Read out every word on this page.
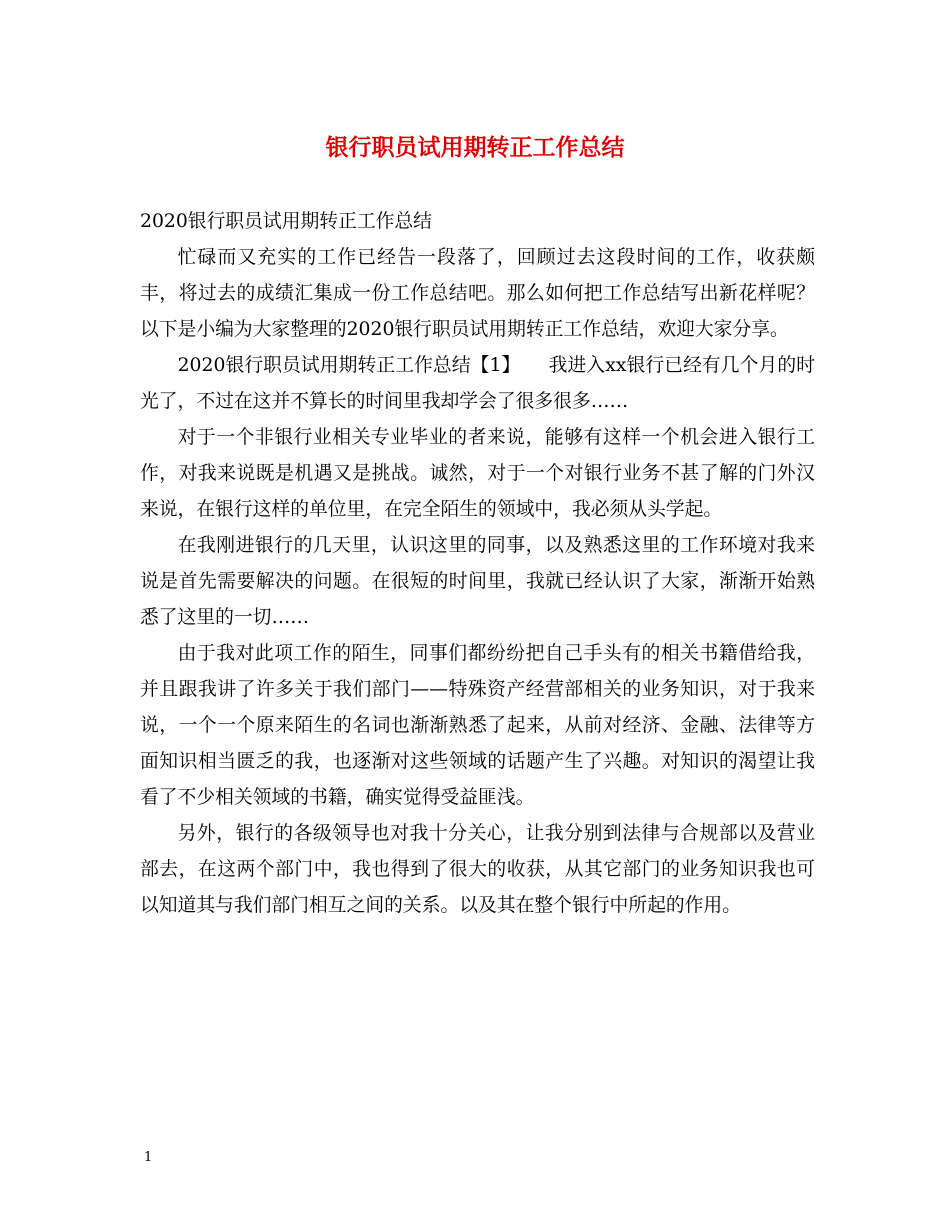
银行职员试用期转正工作总结

2020银行职员试用期转正工作总结

忙碌而又充实的工作已经告一段落了，回顾过去这段时间的工作，收获颇丰，将过去的成绩汇集成一份工作总结吧。那么如何把工作总结写出新花样呢？以下是小编为大家整理的2020银行职员试用期转正工作总结，欢迎大家分享。

2020银行职员试用期转正工作总结【1】　　我进入xx银行已经有几个月的时光了，不过在这并不算长的时间里我却学会了很多很多……

对于一个非银行业相关专业毕业的者来说，能够有这样一个机会进入银行工作，对我来说既是机遇又是挑战。诚然，对于一个对银行业务不甚了解的门外汉来说，在银行这样的单位里，在完全陌生的领域中，我必须从头学起。

在我刚进银行的几天里，认识这里的同事，以及熟悉这里的工作环境对我来说是首先需要解决的问题。在很短的时间里，我就已经认识了大家，渐渐开始熟悉了这里的一切……

由于我对此项工作的陌生，同事们都纷纷把自己手头有的相关书籍借给我，并且跟我讲了许多关于我们部门——特殊资产经营部相关的业务知识，对于我来说，一个一个原来陌生的名词也渐渐熟悉了起来，从前对经济、金融、法律等方面知识相当匮乏的我，也逐渐对这些领域的话题产生了兴趣。对知识的渴望让我看了不少相关领域的书籍，确实觉得受益匪浅。

另外，银行的各级领导也对我十分关心，让我分别到法律与合规部以及营业部去，在这两个部门中，我也得到了很大的收获，从其它部门的业务知识我也可以知道其与我们部门相互之间的关系。以及其在整个银行中所起的作用。

1
